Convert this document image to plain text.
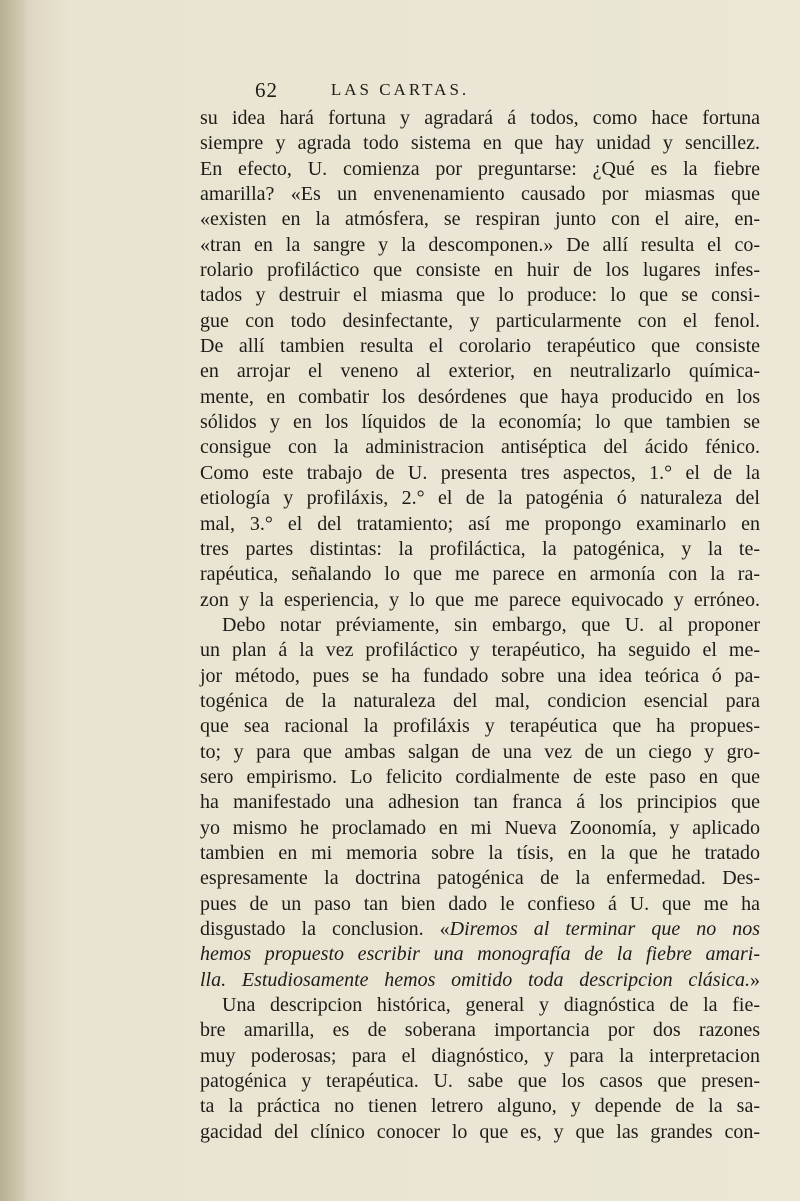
62	LAS CARTAS.
su idea hará fortuna y agradará á todos, como hace fortuna
siempre y agrada todo sistema en que hay unidad y sencillez.
En efecto, U. comienza por preguntarse: ¿Qué es la fiebre
amarilla? «Es un envenenamiento causado por miasmas que
«existen en la atmósfera, se respiran junto con el aire, en-
«tran en la sangre y la descomponen.» De allí resulta el co-
rolario profiláctico que consiste en huir de los lugares infes-
tados y destruir el miasma que lo produce: lo que se consi-
gue con todo desinfectante, y particularmente con el fenol.
De allí tambien resulta el corolario terapéutico que consiste
en arrojar el veneno al exterior, en neutralizarlo química-
mente, en combatir los desórdenes que haya producido en los
sólidos y en los líquidos de la economía; lo que tambien se
consigue con la administracion antiséptica del ácido fénico.
Como este trabajo de U. presenta tres aspectos, 1.° el de la
etiología y profiláxis, 2.° el de la patogénia ó naturaleza del
mal, 3.° el del tratamiento; así me propongo examinarlo en
tres partes distintas: la profiláctica, la patogénica, y la te-
rapéutica, señalando lo que me parece en armonía con la ra-
zon y la esperiencia, y lo que me parece equivocado y erróneo.
Debo notar préviamente, sin embargo, que U. al proponer
un plan á la vez profiláctico y terapéutico, ha seguido el me-
jor método, pues se ha fundado sobre una idea teórica ó pa-
togénica de la naturaleza del mal, condicion esencial para
que sea racional la profiláxis y terapéutica que ha propues-
to; y para que ambas salgan de una vez de un ciego y gro-
sero empirismo. Lo felicito cordialmente de este paso en que
ha manifestado una adhesion tan franca á los principios que
yo mismo he proclamado en mi Nueva Zoonomía, y aplicado
tambien en mi memoria sobre la tísis, en la que he tratado
espresamente la doctrina patogénica de la enfermedad. Des-
pues de un paso tan bien dado le confieso á U. que me ha
disgustado la conclusion. «Diremos al terminar que no nos
hemos propuesto escribir una monografía de la fiebre amari-
lla. Estudiosamente hemos omitido toda descripcion clásica.»
Una descripcion histórica, general y diagnóstica de la fie-
bre amarilla, es de soberana importancia por dos razones
muy poderosas; para el diagnóstico, y para la interpretacion
patogénica y terapéutica. U. sabe que los casos que presen-
ta la práctica no tienen letrero alguno, y depende de la sa-
gacidad del clínico conocer lo que es, y que las grandes con-
